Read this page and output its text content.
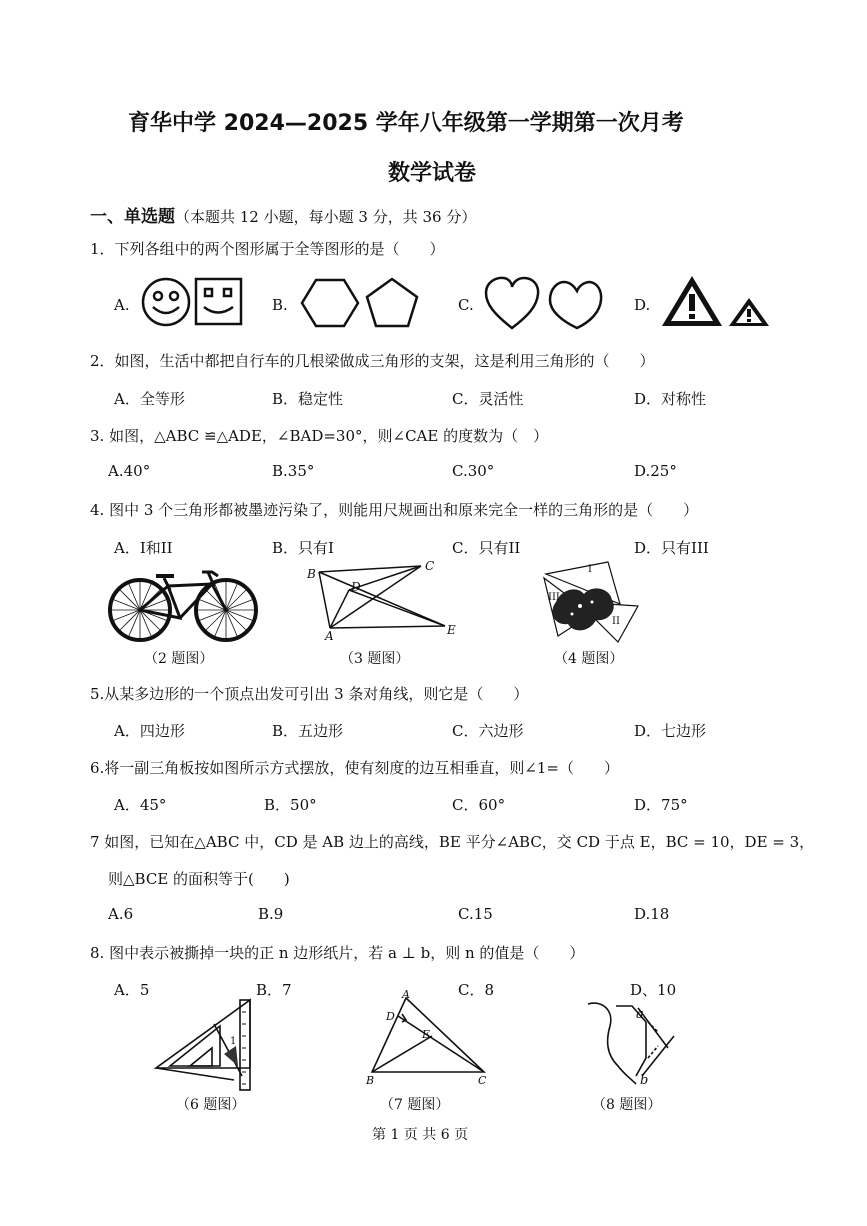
育华中学 2024—2025 学年八年级第一学期第一次月考
数学试卷
一、单选题（本题共 12 小题，每小题 3 分，共 36 分）
1．下列各组中的两个图形属于全等图形的是（　　）
A.	B.	C.	D.
2．如图，生活中都把自行车的几根梁做成三角形的支架，这是利用三角形的（　　）
A．全等形	B．稳定性	C．灵活性	D．对称性
3. 如图，△ABC ≌△ADE，∠BAD=30°，则∠CAE 的度数为（　）
A.40°	B.35°	C.30°	D.25°
4. 图中 3 个三角形都被墨迹污染了，则能用尺规画出和原来完全一样的三角形的是（　　）
A．I和II	B．只有I	C．只有II	D．只有III
B
C
D
A	E
I
III
II
（2 题图）	（3 题图）	（4 题图）
5.从某多边形的一个顶点出发可引出 3 条对角线，则它是（　　）
A．四边形	B．五边形	C．六边形	D．七边形
6.将一副三角板按如图所示方式摆放，使有刻度的边互相垂直，则∠1=（　　）
A．45°	B．50°	C．60°	D．75°
7 如图，已知在△ABC 中，CD 是 AB 边上的高线，BE 平分∠ABC，交 CD 于点 E，BC = 10，DE = 3，
则△BCE 的面积等于(　　)
A.6	B.9	C.15	D.18
8. 图中表示被撕掉一块的正 n 边形纸片，若 a ⊥ b，则 n 的值是（　　）
A．5	B．7	C．8	D、10
1
A
D
E
B	C
a
b
（6 题图）	（7 题图）	（8 题图）
第 1 页 共 6 页
